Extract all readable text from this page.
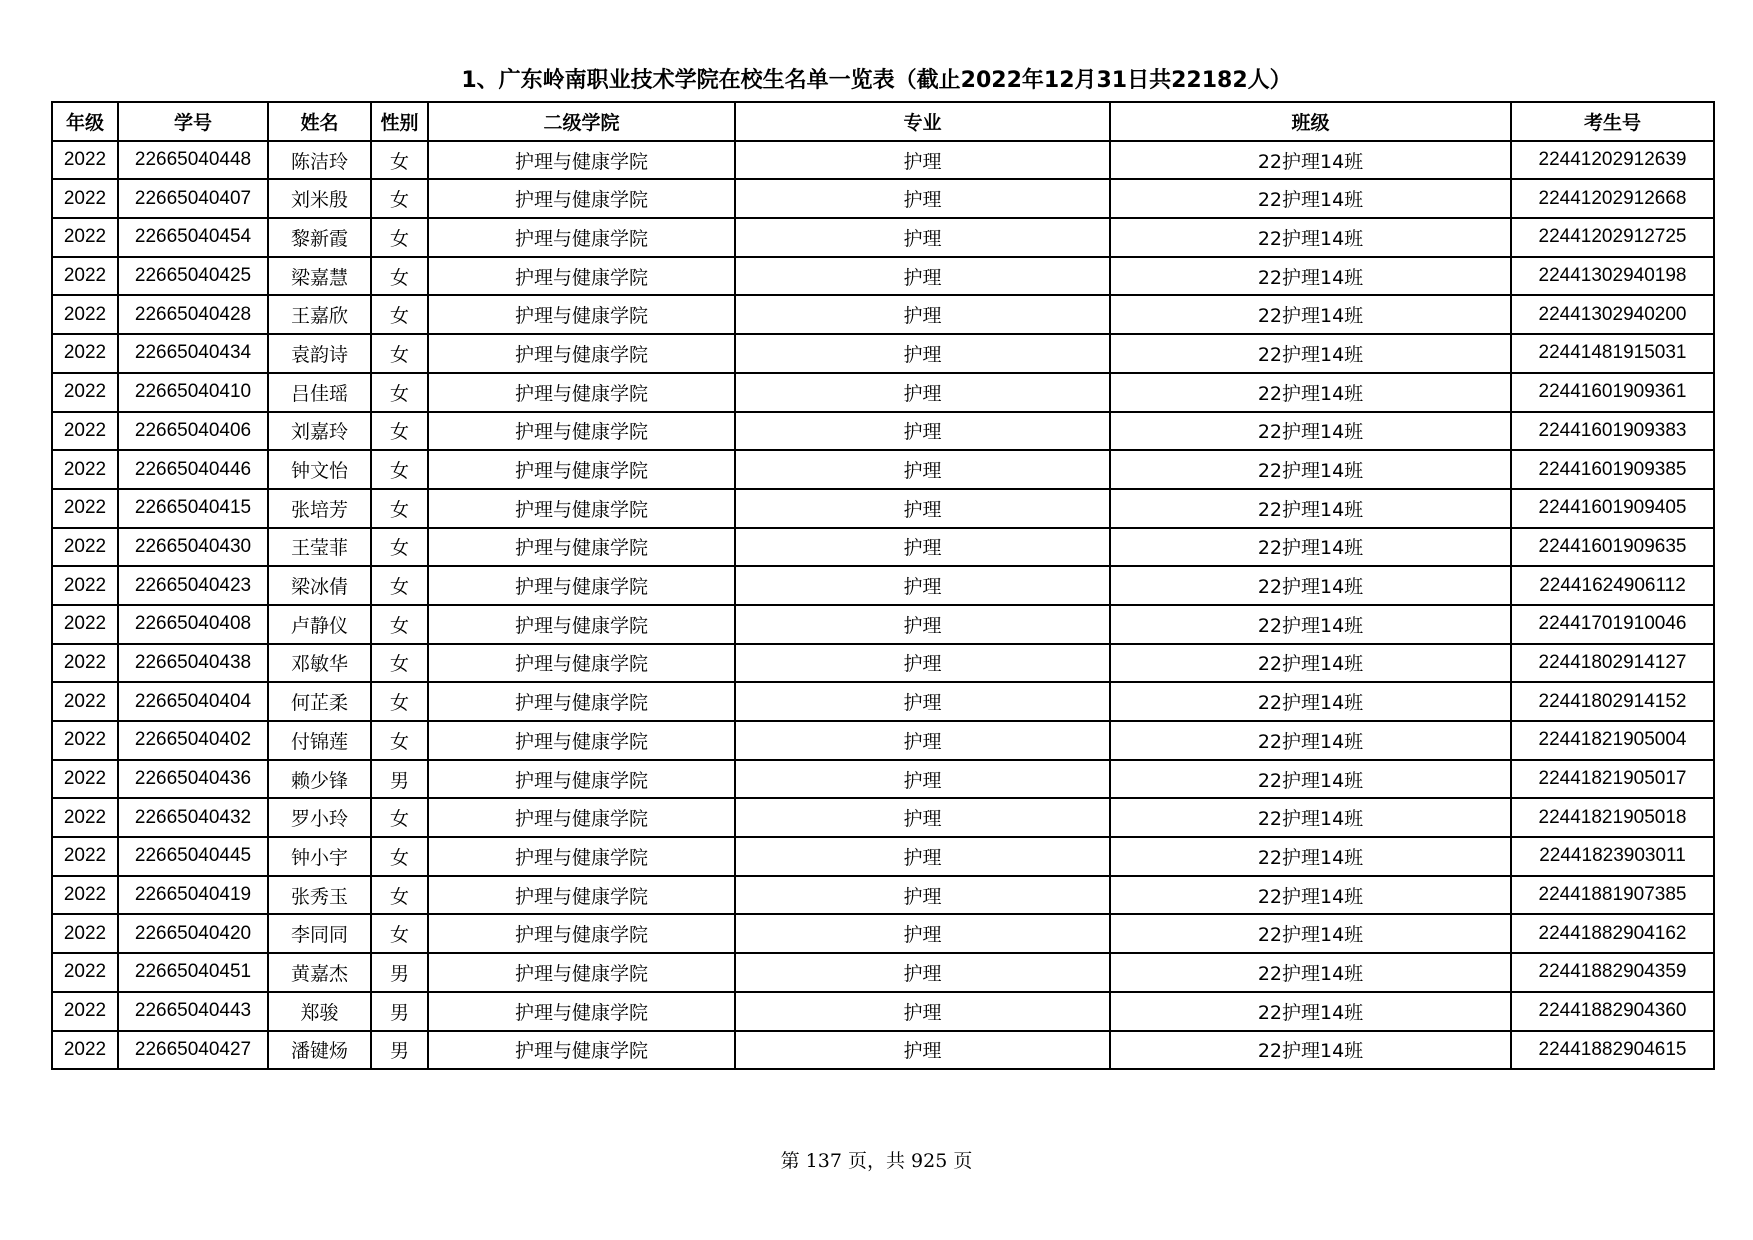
1、广东岭南职业技术学院在校生名单一览表（截止2022年12月31日共22182人）
年级	学号	姓名	性别	二级学院	专业	班级	考生号
2022	22665040448	陈洁玲	女	护理与健康学院	护理	22护理14班	22441202912639
2022	22665040407	刘米殷	女	护理与健康学院	护理	22护理14班	22441202912668
2022	22665040454	黎新霞	女	护理与健康学院	护理	22护理14班	22441202912725
2022	22665040425	梁嘉慧	女	护理与健康学院	护理	22护理14班	22441302940198
2022	22665040428	王嘉欣	女	护理与健康学院	护理	22护理14班	22441302940200
2022	22665040434	袁韵诗	女	护理与健康学院	护理	22护理14班	22441481915031
2022	22665040410	吕佳瑶	女	护理与健康学院	护理	22护理14班	22441601909361
2022	22665040406	刘嘉玲	女	护理与健康学院	护理	22护理14班	22441601909383
2022	22665040446	钟文怡	女	护理与健康学院	护理	22护理14班	22441601909385
2022	22665040415	张培芳	女	护理与健康学院	护理	22护理14班	22441601909405
2022	22665040430	王莹菲	女	护理与健康学院	护理	22护理14班	22441601909635
2022	22665040423	梁冰倩	女	护理与健康学院	护理	22护理14班	22441624906112
2022	22665040408	卢静仪	女	护理与健康学院	护理	22护理14班	22441701910046
2022	22665040438	邓敏华	女	护理与健康学院	护理	22护理14班	22441802914127
2022	22665040404	何芷柔	女	护理与健康学院	护理	22护理14班	22441802914152
2022	22665040402	付锦莲	女	护理与健康学院	护理	22护理14班	22441821905004
2022	22665040436	赖少锋	男	护理与健康学院	护理	22护理14班	22441821905017
2022	22665040432	罗小玲	女	护理与健康学院	护理	22护理14班	22441821905018
2022	22665040445	钟小宇	女	护理与健康学院	护理	22护理14班	22441823903011
2022	22665040419	张秀玉	女	护理与健康学院	护理	22护理14班	22441881907385
2022	22665040420	李同同	女	护理与健康学院	护理	22护理14班	22441882904162
2022	22665040451	黄嘉杰	男	护理与健康学院	护理	22护理14班	22441882904359
2022	22665040443	郑骏	男	护理与健康学院	护理	22护理14班	22441882904360
2022	22665040427	潘键炀	男	护理与健康学院	护理	22护理14班	22441882904615
第 137 页，共 925 页
